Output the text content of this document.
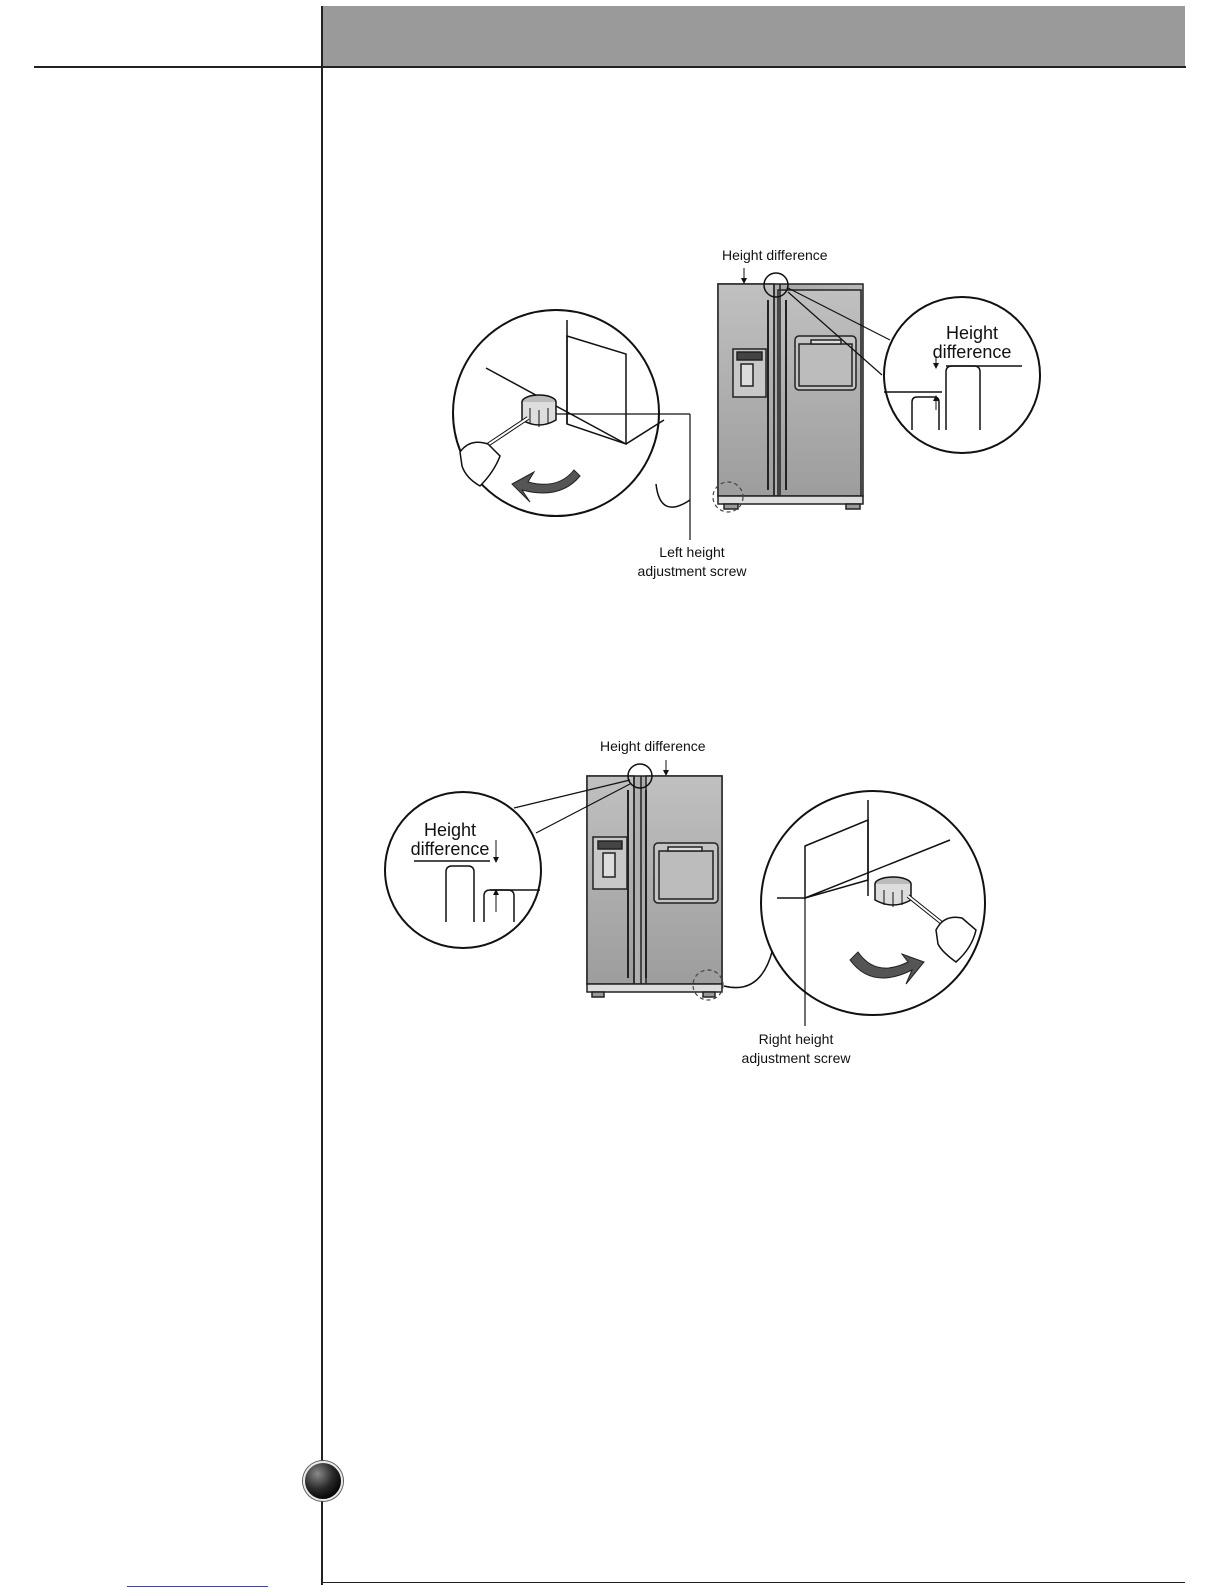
Height difference
Height
difference
Left height
adjustment screw
Height difference
Height
difference
Right height
adjustment screw
